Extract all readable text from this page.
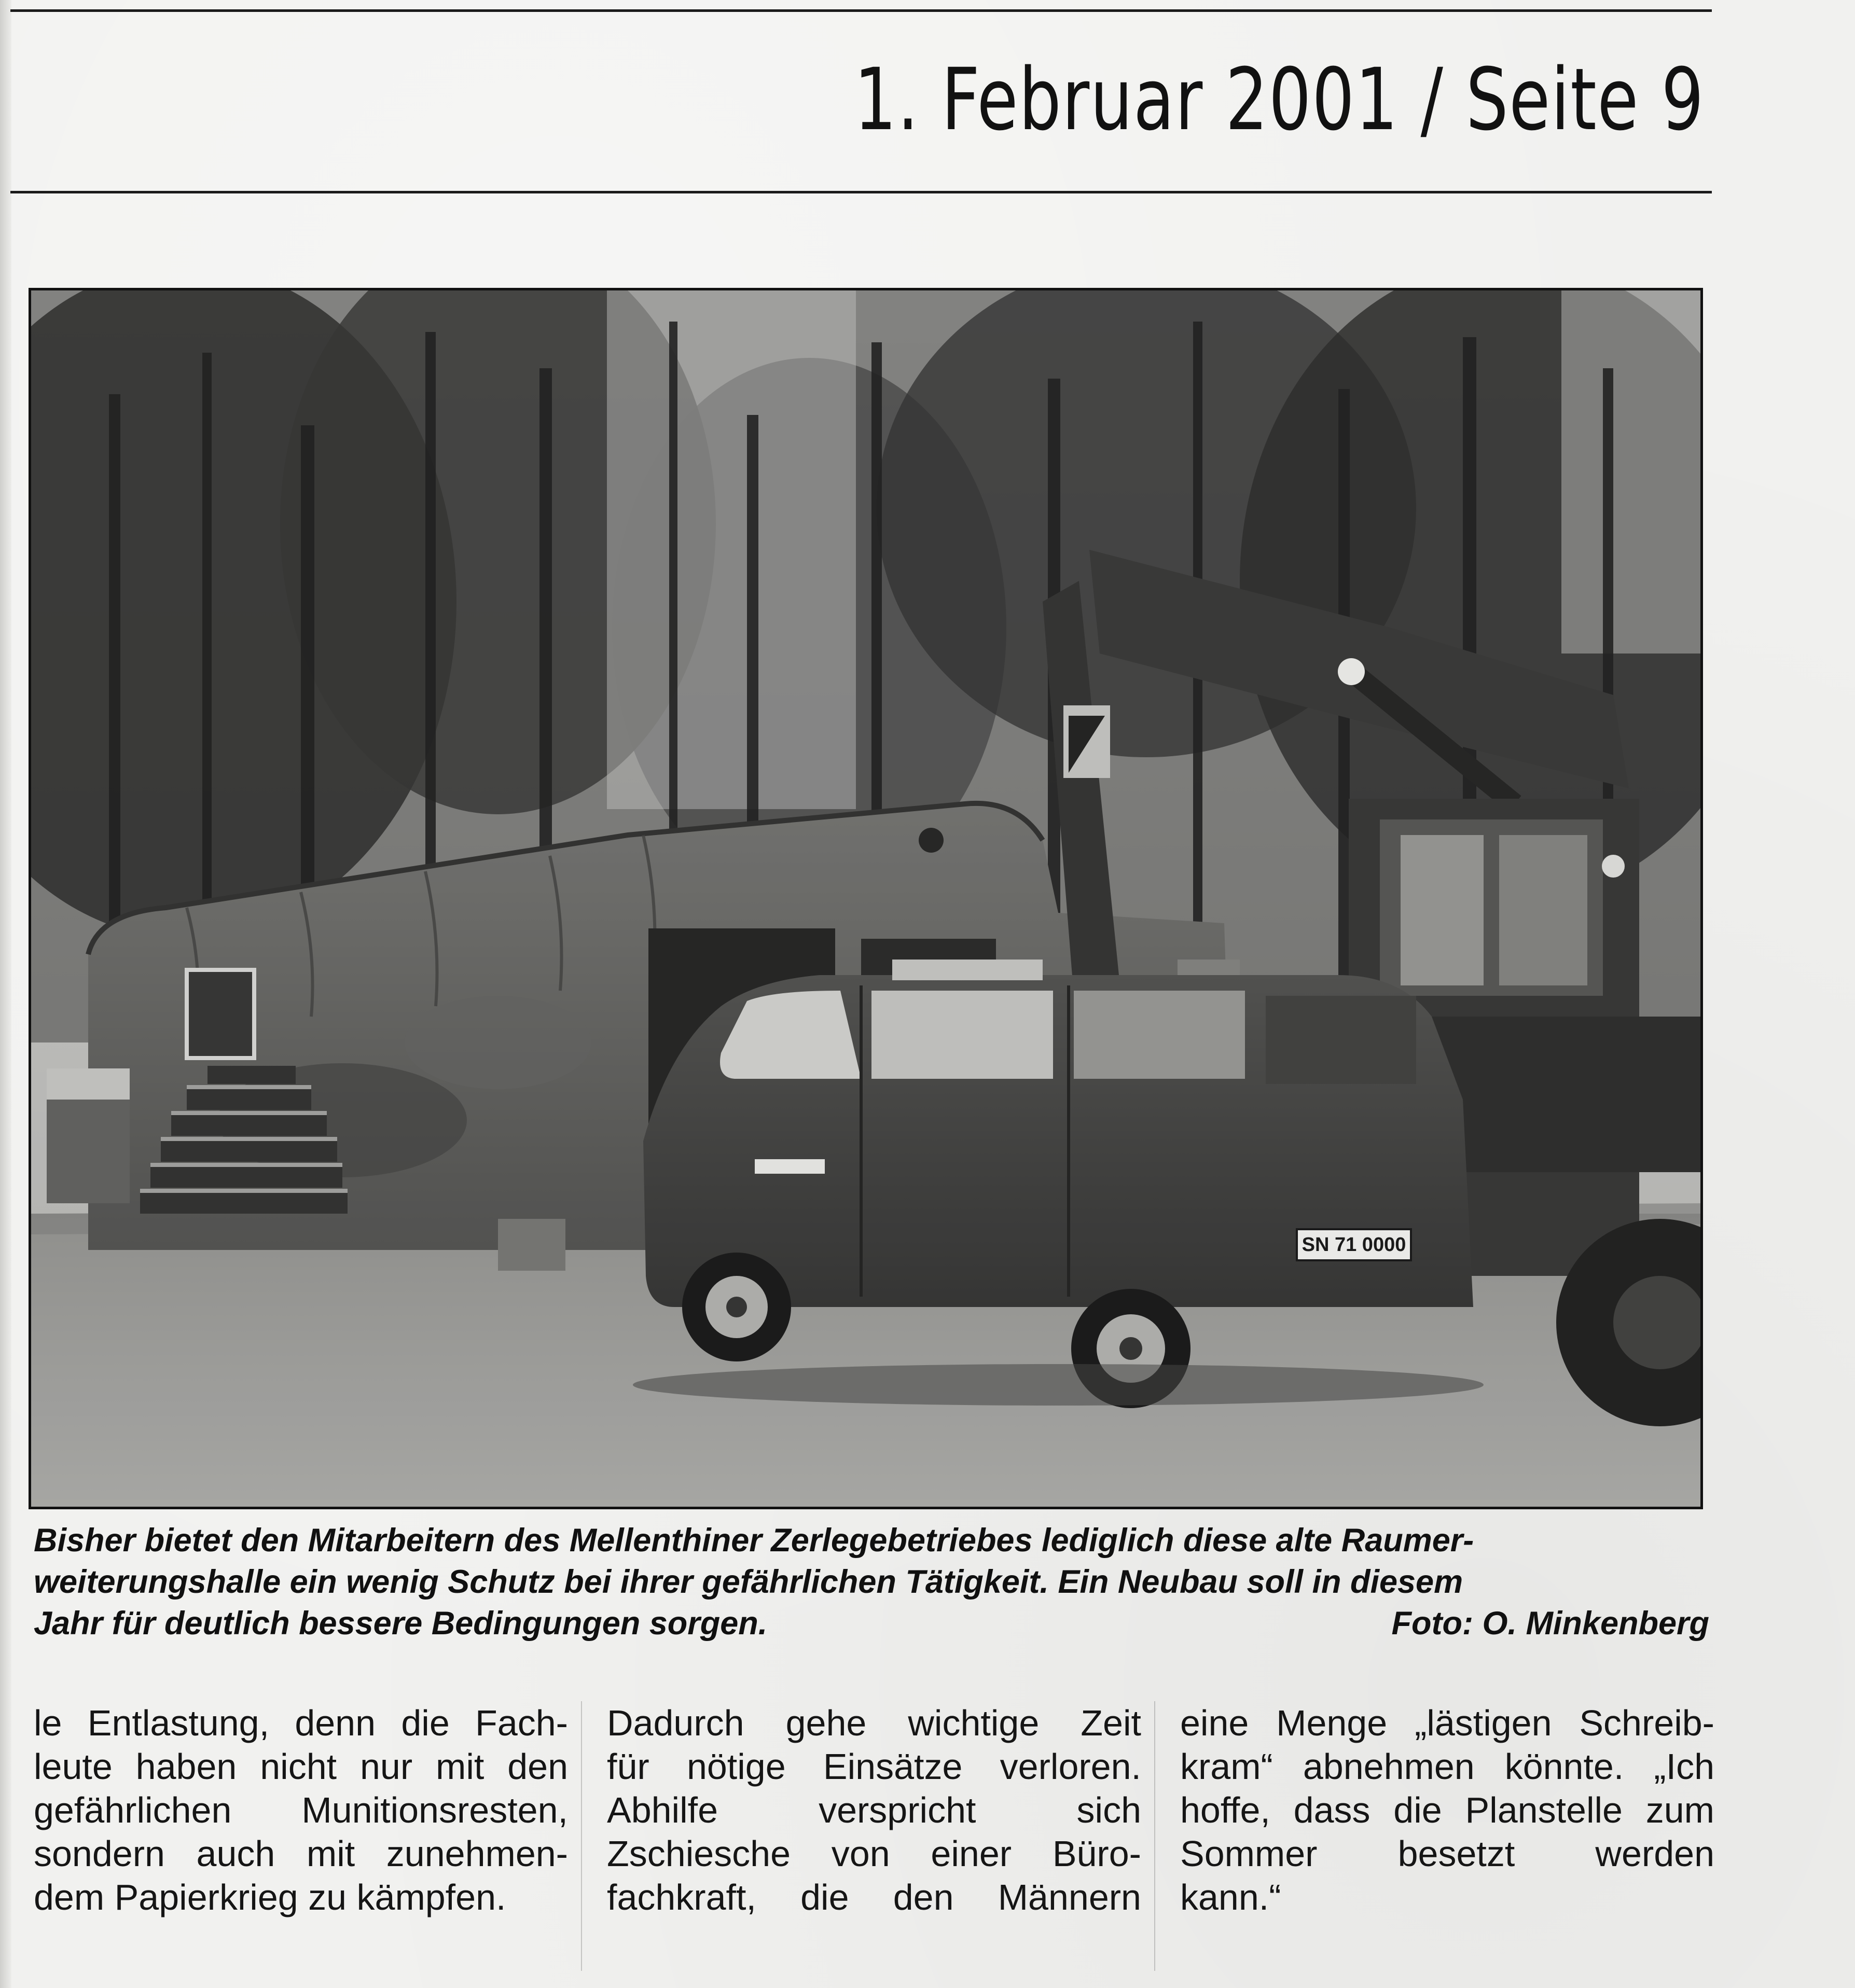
1. Februar 2001 / Seite 9
SN 71 0000
Bisher bietet den Mitarbeitern des Mellenthiner Zerlegebetriebes lediglich diese alte Raumer-
weiterungshalle ein wenig Schutz bei ihrer gefährlichen Tätigkeit. Ein Neubau soll in diesem
Jahr für deutlich bessere Bedingungen sorgen.	Foto: O. Minkenberg
le Entlastung, denn die Fach-
leute haben nicht nur mit den
gefährlichen Munitionsresten,
sondern auch mit zunehmen-
dem Papierkrieg zu kämpfen.
Dadurch gehe wichtige Zeit
für nötige Einsätze verloren.
Abhilfe verspricht sich
Zschiesche von einer Büro-
fachkraft, die den Männern
eine Menge „lästigen Schreib-
kram“ abnehmen könnte. „Ich
hoffe, dass die Planstelle zum
Sommer besetzt werden
kann.“
